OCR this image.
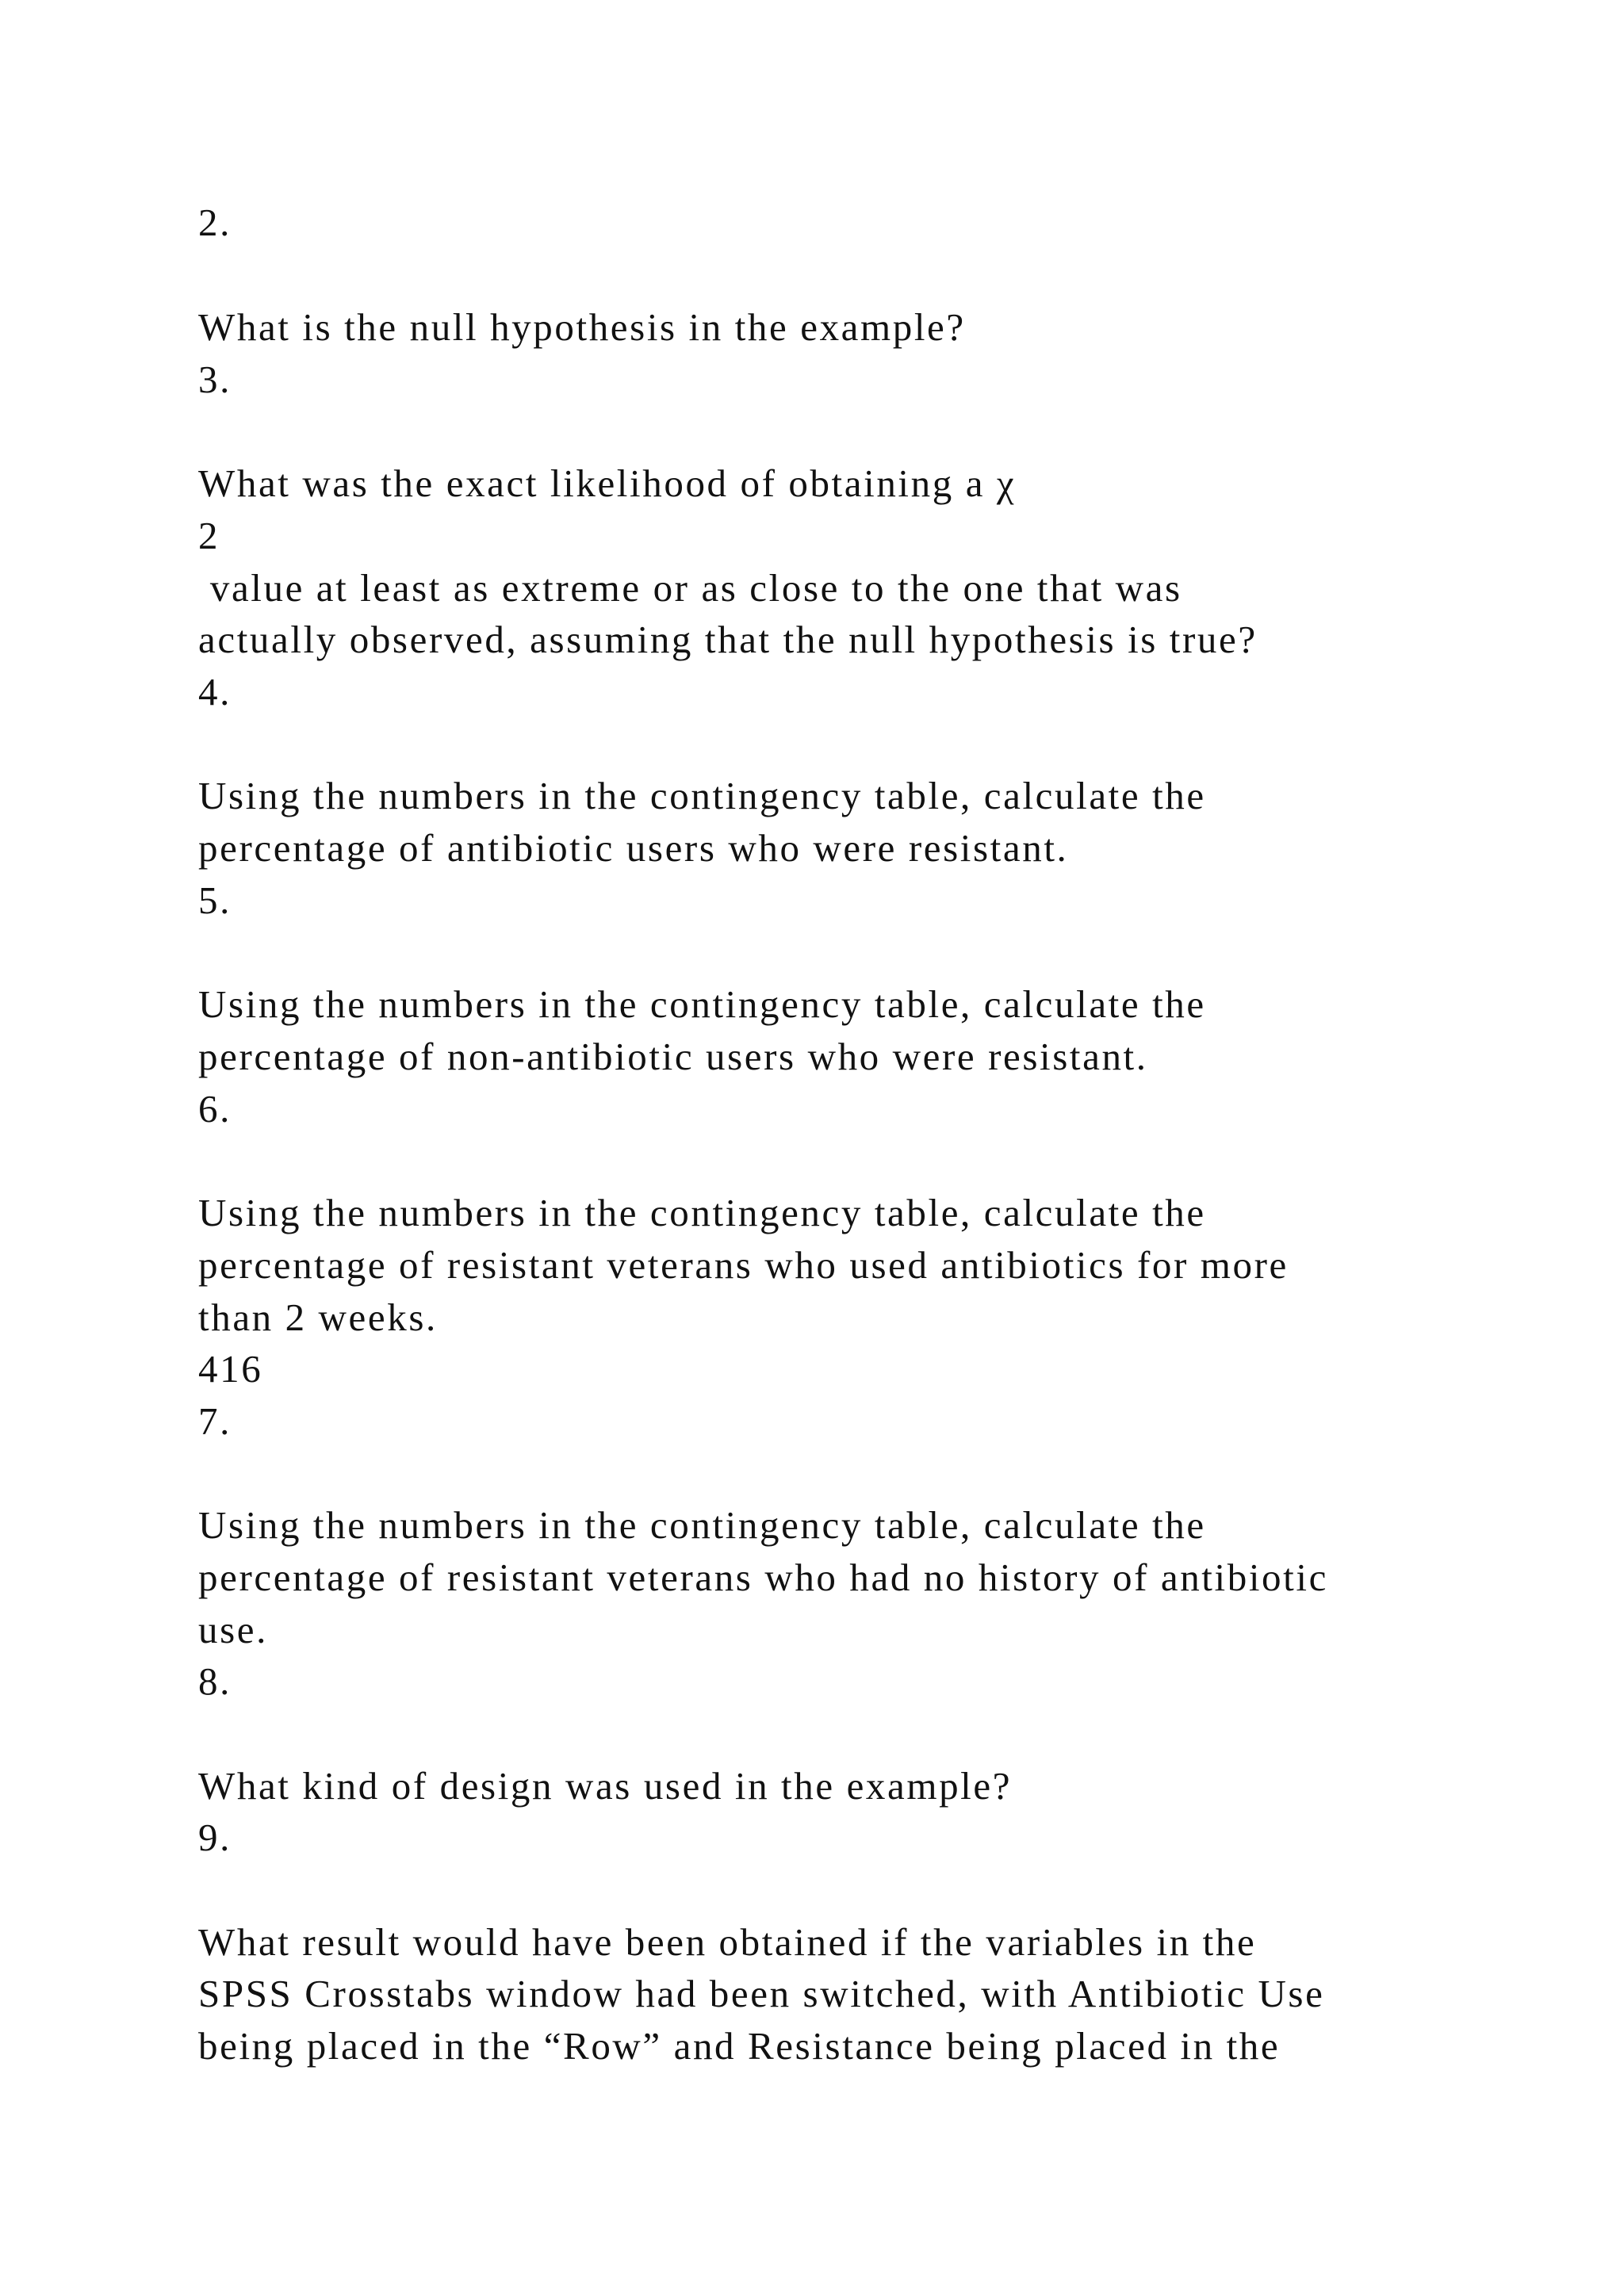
2.

What is the null hypothesis in the example?

3.

What was the exact likelihood of obtaining a χ

2

value at least as extreme or as close to the one that was

actually observed, assuming that the null hypothesis is true?

4.

Using the numbers in the contingency table, calculate the

percentage of antibiotic users who were resistant.

5.

Using the numbers in the contingency table, calculate the

percentage of non-antibiotic users who were resistant.

6.

Using the numbers in the contingency table, calculate the

percentage of resistant veterans who used antibiotics for more

than 2 weeks.

416

7.

Using the numbers in the contingency table, calculate the

percentage of resistant veterans who had no history of antibiotic

use.

8.

What kind of design was used in the example?

9.

What result would have been obtained if the variables in the

SPSS Crosstabs window had been switched, with Antibiotic Use

being placed in the “Row” and Resistance being placed in the
